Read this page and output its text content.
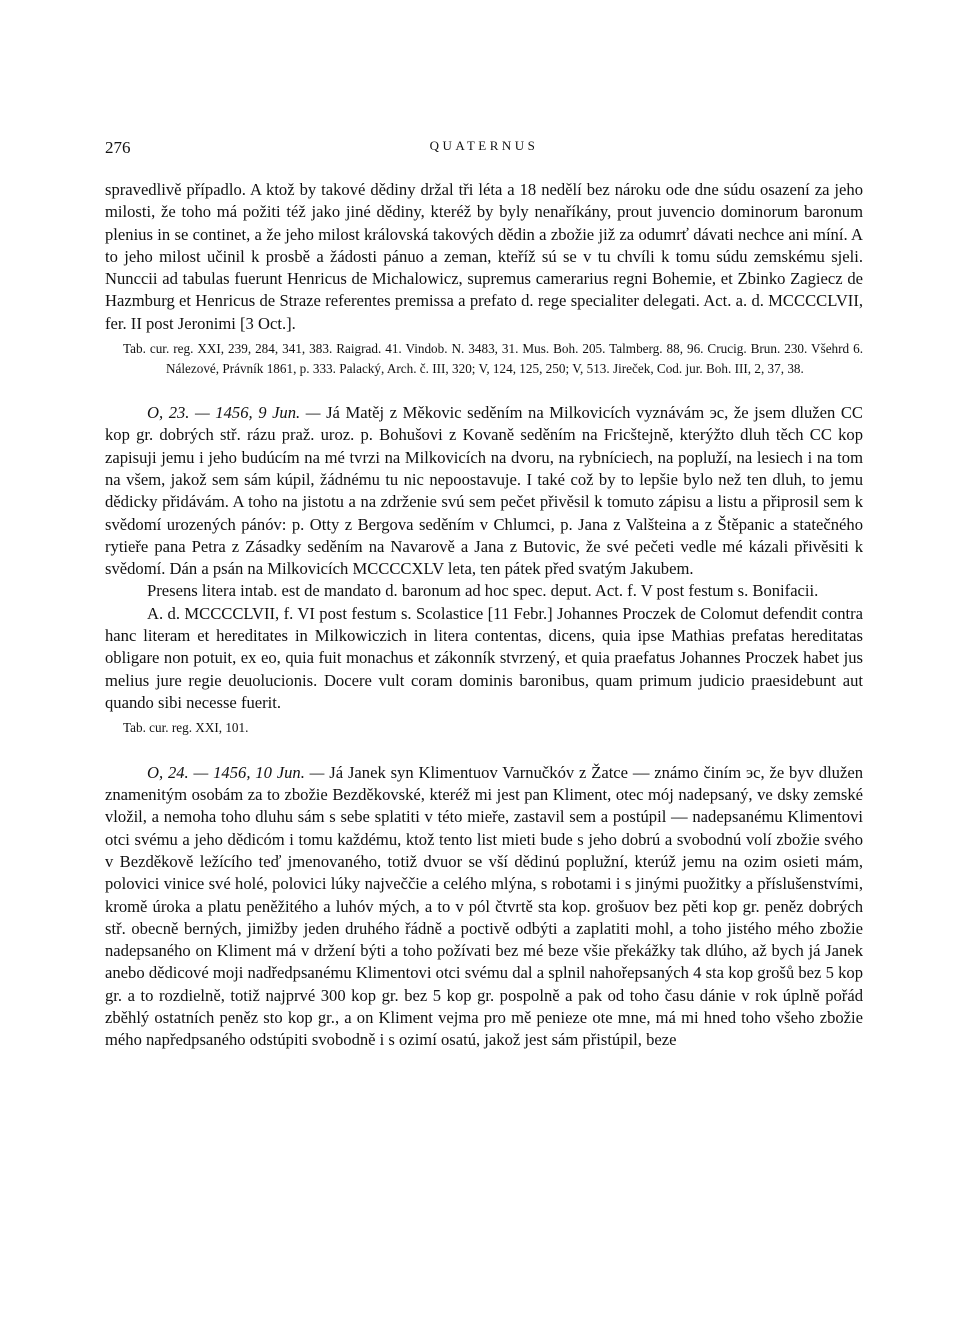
276	QUATERNUS

spravedlivě případlo. A ktož by takové dědiny držal tři léta a 18 nedělí bez nároku ode dne súdu osazení za jeho milosti, že toho má požiti též jako jiné dědiny, kteréž by byly nenaříkány, prout juvencio dominorum baronum plenius in se continet, a že jeho milost královská takových dědin a zbožie již za odumrť dávati nechce ani míní. A to jeho milost učinil k prosbě a žádosti pánuo a zeman, kteříž sú se v tu chvíli k tomu súdu zemskému sjeli. Nunccii ad tabulas fuerunt Henricus de Michalowicz, supremus camerarius regni Bohemie, et Zbinko Zagiecz de Hazmburg et Henricus de Straze referentes premissa a prefato d. rege specialiter delegati. Act. a. d. MCCCCLVII, fer. II post Jeronimi [3 Oct.].

Tab. cur. reg. XXI, 239, 284, 341, 383. Raigrad. 41. Vindob. N. 3483, 31. Mus. Boh. 205. Talmberg. 88, 96. Crucig. Brun. 230. Všehrd 6. Nálezové, Právník 1861, p. 333. Palacký, Arch. č. III, 320; V, 124, 125, 250; V, 513. Jireček, Cod. jur. Boh. III, 2, 37, 38.

O, 23. — 1456, 9 Jun. — Já Matěj z Měkovic seděním na Milkovicích vyznávám эс, že jsem dlužen CC kop gr. dobrých stř. rázu praž. uroz. p. Bohušovi z Kovaně seděním na Fricštejně, kterýžto dluh těch CC kop zapisuji jemu i jeho budúcím na mé tvrzi na Milkovicích na dvoru, na rybníciech, na popluží, na lesiech i na tom na všem, jakož sem sám kúpil, žádnému tu nic nepoostavuje. I také což by to lepšie bylo než ten dluh, to jemu dědicky přidávám. A toho na jistotu a na zdrženie svú sem pečet přivěsil k tomuto zápisu a listu a připrosil sem k svědomí urozených pánóv: p. Otty z Bergova seděním v Chlumci, p. Jana z Valšteina a z Štěpanic a statečného rytieře pana Petra z Zásadky seděním na Navarově a Jana z Butovic, že své pečeti vedle mé kázali přivěsiti k svědomí. Dán a psán na Milkovicích MCCCCXLV leta, ten pátek před svatým Jakubem.

Presens litera intab. est de mandato d. baronum ad hoc spec. deput. Act. f. V post festum s. Bonifacii.

A. d. MCCCCLVII, f. VI post festum s. Scolastice [11 Febr.] Johannes Proczek de Colomut defendit contra hanc literam et hereditates in Milkowiczich in litera contentas, dicens, quia ipse Mathias prefatas hereditatas obligare non potuit, ex eo, quia fuit monachus et zákonník stvrzený, et quia praefatus Johannes Proczek habet jus melius jure regie deuolucionis. Docere vult coram dominis baronibus, quam primum judicio praesidebunt aut quando sibi necesse fuerit.

Tab. cur. reg. XXI, 101.

O, 24. — 1456, 10 Jun. — Já Janek syn Klimentuov Varnučkóv z Žatce — známo činím эс, že byv dlužen znamenitým osobám za to zbožie Bezděkovské, kteréž mi jest pan Kliment, otec mój nadepsaný, ve dsky zemské vložil, a nemoha toho dluhu sám s sebe splatiti v této mieře, zastavil sem a postúpil — nadepsanému Klimentovi otci svému a jeho dědicóm i tomu každému, ktož tento list mieti bude s jeho dobrú a svobodnú volí zbožie svého v Bezděkově ležícího teď jmenovaného, totiž dvuor se vší dědinú poplužní, kterúž jemu na ozim osieti mám, polovici vinice své holé, polovici lúky največčie a celého mlýna, s robotami i s jinými puožitky a příslušenstvími, kromě úroka a platu peněžitého a luhóv mých, a to v pól čtvrtě sta kop. grošuov bez pěti kop gr. peněz dobrých stř. obecně berných, jimižby jeden druhého řádně a poctivě odbýti a zaplatiti mohl, a toho jistého mého zbožie nadepsaného on Kliment má v držení býti a toho požívati bez mé beze všie překážky tak dlúho, až bych já Janek anebo dědicové moji nadředpsanému Klimentovi otci svému dal a splnil nahořepsaných 4 sta kop grošů bez 5 kop gr. a to rozdielně, totiž najprvé 300 kop gr. bez 5 kop gr. pospolně a pak od toho času dánie v rok úplně pořád zběhlý ostatních peněz sto kop gr., a on Kliment vejma pro mě penieze ote mne, má mi hned toho všeho zbožie mého napředpsaného odstúpiti svobodně i s ozimí osatú, jakož jest sám přistúpil, beze
